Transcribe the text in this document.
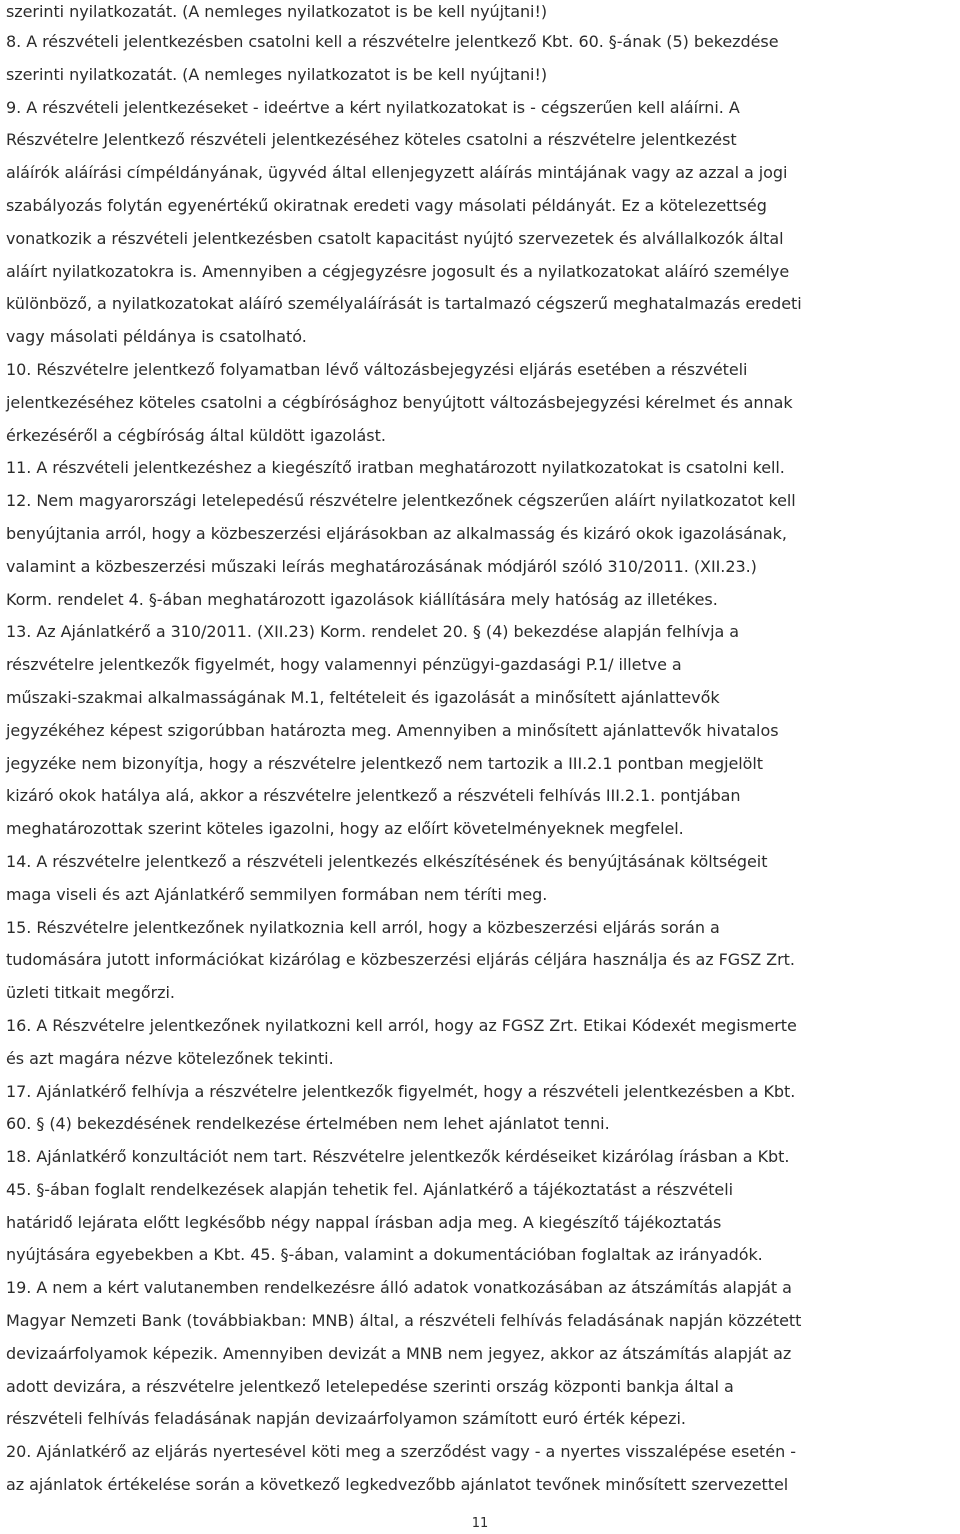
szerinti nyilatkozatát. (A nemleges nyilatkozatot is be kell nyújtani!)
8. A részvételi jelentkezésben csatolni kell a részvételre jelentkező Kbt. 60. §-ának (5) bekezdése
szerinti nyilatkozatát. (A nemleges nyilatkozatot is be kell nyújtani!)
9. A részvételi jelentkezéseket - ideértve a kért nyilatkozatokat is - cégszerűen kell aláírni. A
Részvételre Jelentkező részvételi jelentkezéséhez köteles csatolni a részvételre jelentkezést
aláírók aláírási címpéldányának, ügyvéd által ellenjegyzett aláírás mintájának vagy az azzal a jogi
szabályozás folytán egyenértékű okiratnak eredeti vagy másolati példányát. Ez a kötelezettség
vonatkozik a részvételi jelentkezésben csatolt kapacitást nyújtó szervezetek és alvállalkozók által
aláírt nyilatkozatokra is. Amennyiben a cégjegyzésre jogosult és a nyilatkozatokat aláíró személye
különböző, a nyilatkozatokat aláíró személyaláírását is tartalmazó cégszerű meghatalmazás eredeti
vagy másolati példánya is csatolható.
10. Részvételre jelentkező folyamatban lévő változásbejegyzési eljárás esetében a részvételi
jelentkezéséhez köteles csatolni a cégbírósághoz benyújtott változásbejegyzési kérelmet és annak
érkezéséről a cégbíróság által küldött igazolást.
11. A részvételi jelentkezéshez a kiegészítő iratban meghatározott nyilatkozatokat is csatolni kell.
12. Nem magyarországi letelepedésű részvételre jelentkezőnek cégszerűen aláírt nyilatkozatot kell
benyújtania arról, hogy a közbeszerzési eljárásokban az alkalmasság és kizáró okok igazolásának,
valamint a közbeszerzési műszaki leírás meghatározásának módjáról szóló 310/2011. (XII.23.)
Korm. rendelet 4. §-ában meghatározott igazolások kiállítására mely hatóság az illetékes.
13. Az Ajánlatkérő a 310/2011. (XII.23) Korm. rendelet 20. § (4) bekezdése alapján felhívja a
részvételre jelentkezők figyelmét, hogy valamennyi pénzügyi-gazdasági P.1/ illetve a
műszaki-szakmai alkalmasságának M.1, feltételeit és igazolását a minősített ajánlattevők
jegyzékéhez képest szigorúbban határozta meg. Amennyiben a minősített ajánlattevők hivatalos
jegyzéke nem bizonyítja, hogy a részvételre jelentkező nem tartozik a III.2.1 pontban megjelölt
kizáró okok hatálya alá, akkor a részvételre jelentkező a részvételi felhívás III.2.1. pontjában
meghatározottak szerint köteles igazolni, hogy az előírt követelményeknek megfelel.
14. A részvételre jelentkező a részvételi jelentkezés elkészítésének és benyújtásának költségeit
maga viseli és azt Ajánlatkérő semmilyen formában nem téríti meg.
15. Részvételre jelentkezőnek nyilatkoznia kell arról, hogy a közbeszerzési eljárás során a
tudomására jutott információkat kizárólag e közbeszerzési eljárás céljára használja és az FGSZ Zrt.
üzleti titkait megőrzi.
16. A Részvételre jelentkezőnek nyilatkozni kell arról, hogy az FGSZ Zrt. Etikai Kódexét megismerte
és azt magára nézve kötelezőnek tekinti.
17. Ajánlatkérő felhívja a részvételre jelentkezők figyelmét, hogy a részvételi jelentkezésben a Kbt.
60. § (4) bekezdésének rendelkezése értelmében nem lehet ajánlatot tenni.
18. Ajánlatkérő konzultációt nem tart. Részvételre jelentkezők kérdéseiket kizárólag írásban a Kbt.
45. §-ában foglalt rendelkezések alapján tehetik fel. Ajánlatkérő a tájékoztatást a részvételi
határidő lejárata előtt legkésőbb négy nappal írásban adja meg. A kiegészítő tájékoztatás
nyújtására egyebekben a Kbt. 45. §-ában, valamint a dokumentációban foglaltak az irányadók.
19. A nem a kért valutanemben rendelkezésre álló adatok vonatkozásában az átszámítás alapját a
Magyar Nemzeti Bank (továbbiakban: MNB) által, a részvételi felhívás feladásának napján közzétett
devizaárfolyamok képezik. Amennyiben devizát a MNB nem jegyez, akkor az átszámítás alapját az
adott devizára, a részvételre jelentkező letelepedése szerinti ország központi bankja által a
részvételi felhívás feladásának napján devizaárfolyamon számított euró érték képezi.
20. Ajánlatkérő az eljárás nyertesével köti meg a szerződést vagy - a nyertes visszalépése esetén -
az ajánlatok értékelése során a következő legkedvezőbb ajánlatot tevőnek minősített szervezettel
11
